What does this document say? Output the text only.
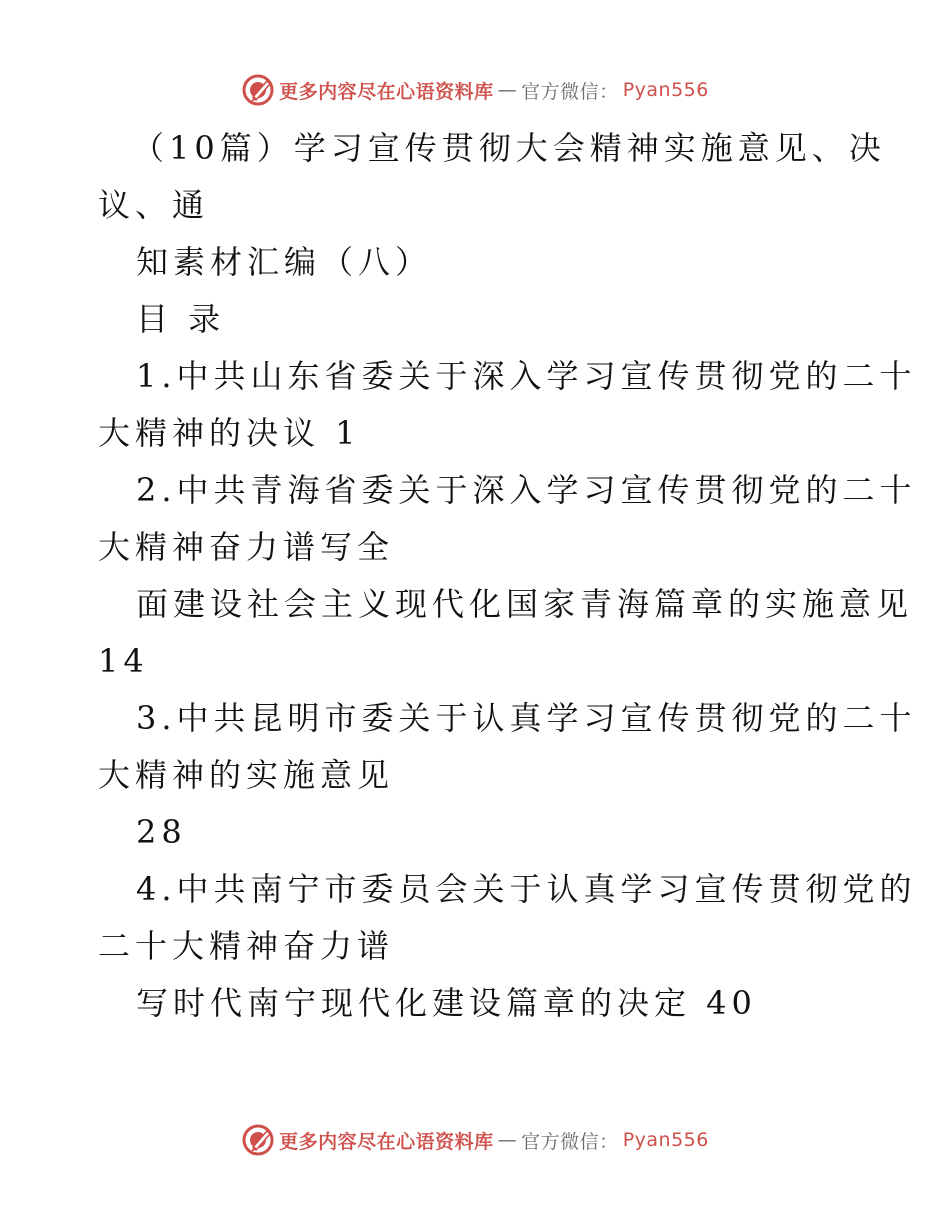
更多内容尽在心语资料库 — 官方微信： Pyan556
（10篇）学习宣传贯彻大会精神实施意见、决
议、通
知素材汇编（八）
目 录
1.中共山东省委关于深入学习宣传贯彻党的二十
大精神的决议 1
2.中共青海省委关于深入学习宣传贯彻党的二十
大精神奋力谱写全
面建设社会主义现代化国家青海篇章的实施意见
14
3.中共昆明市委关于认真学习宣传贯彻党的二十
大精神的实施意见
28
4.中共南宁市委员会关于认真学习宣传贯彻党的
二十大精神奋力谱
写时代南宁现代化建设篇章的决定 40
更多内容尽在心语资料库 — 官方微信： Pyan556
